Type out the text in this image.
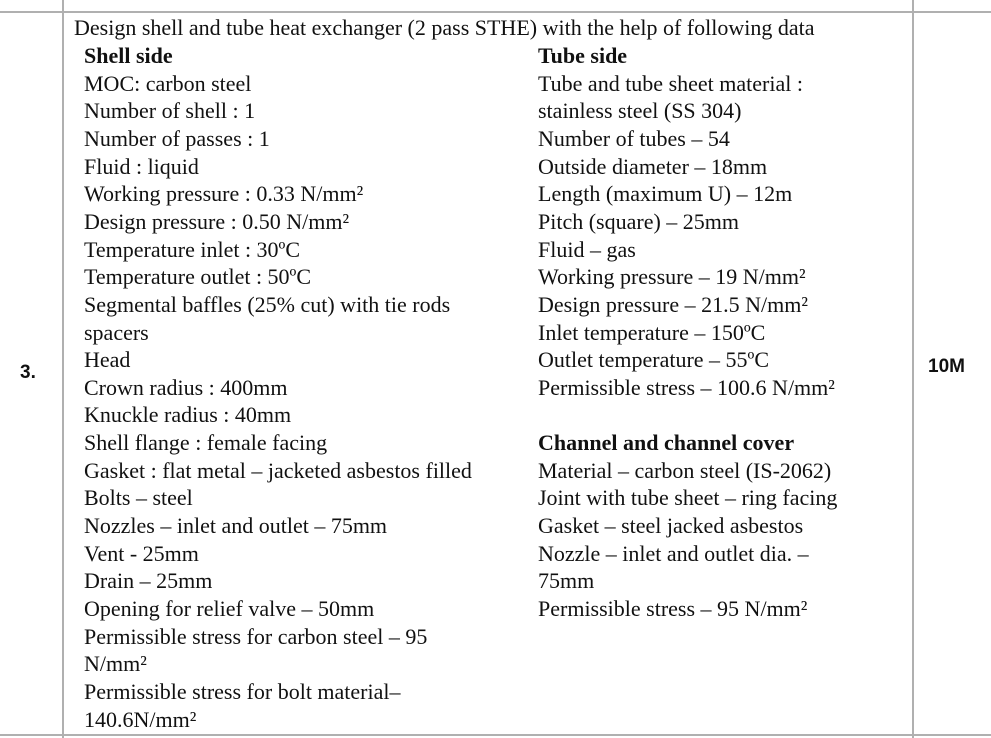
3.	10M
Design shell and tube heat exchanger (2 pass STHE) with the help of following data
Shell side
MOC: carbon steel
Number of shell : 1
Number of passes : 1
Fluid : liquid
Working pressure : 0.33 N/mm²
Design pressure : 0.50 N/mm²
Temperature inlet : 30ºC
Temperature outlet : 50ºC
Segmental baffles (25% cut) with tie rods
spacers
Head
Crown radius : 400mm
Knuckle radius : 40mm
Shell flange : female facing
Gasket : flat metal – jacketed asbestos filled
Bolts – steel
Nozzles – inlet and outlet – 75mm
Vent - 25mm
Drain – 25mm
Opening for relief valve – 50mm
Permissible stress for carbon steel – 95
N/mm²
Permissible stress for bolt material–
140.6N/mm²
Tube side
Tube and tube sheet material :
stainless steel (SS 304)
Number of tubes – 54
Outside diameter – 18mm
Length (maximum U) – 12m
Pitch (square) – 25mm
Fluid – gas
Working pressure – 19 N/mm²
Design pressure – 21.5 N/mm²
Inlet temperature – 150ºC
Outlet temperature – 55ºC
Permissible stress – 100.6 N/mm²
Channel and channel cover
Material – carbon steel (IS-2062)
Joint with tube sheet – ring facing
Gasket – steel jacked asbestos
Nozzle – inlet and outlet dia. –
75mm
Permissible stress – 95 N/mm²
